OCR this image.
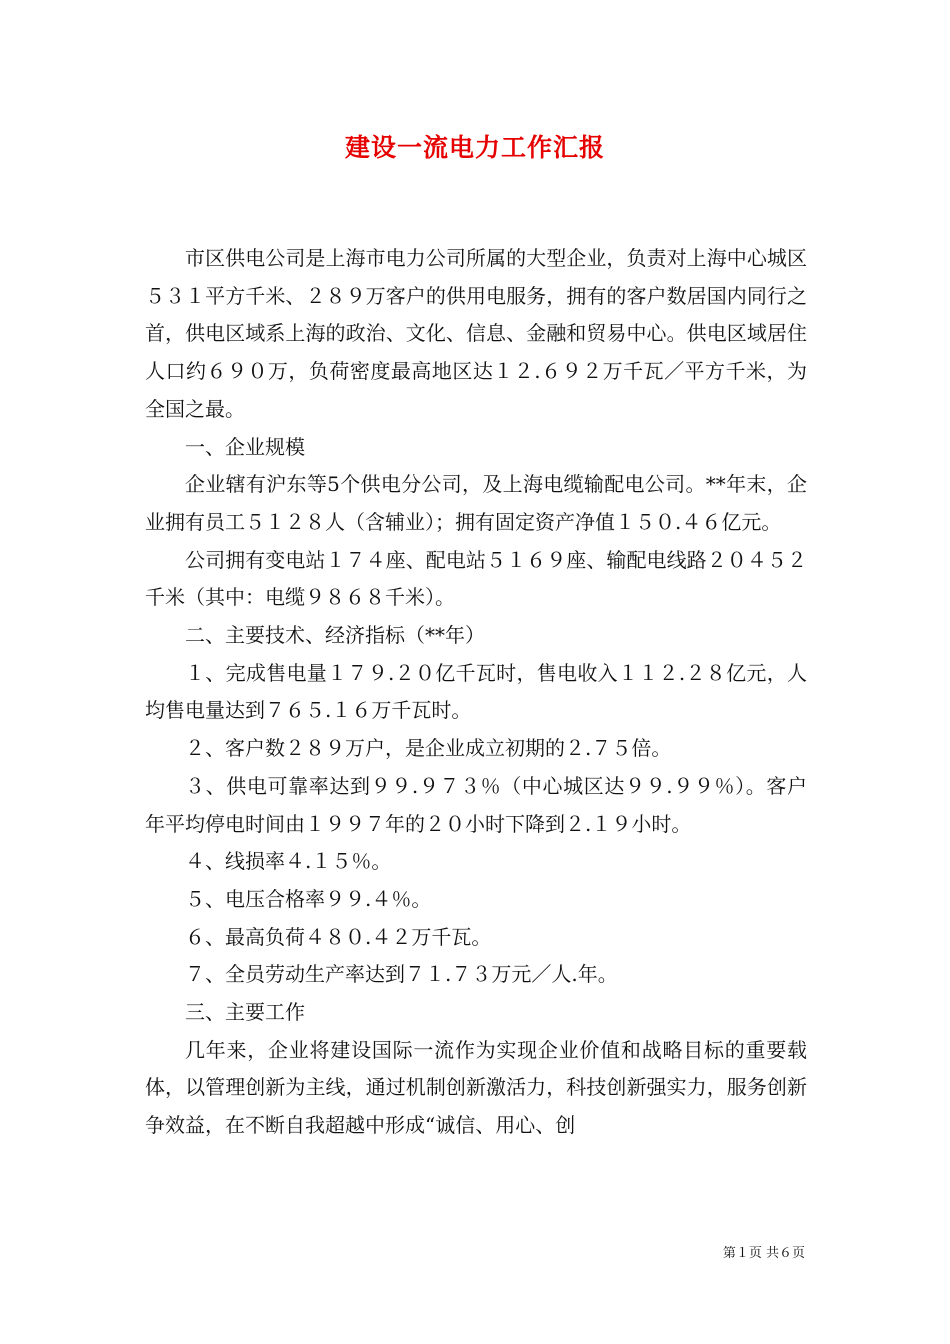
建设一流电力工作汇报

市区供电公司是上海市电力公司所属的大型企业，负责对上海中心城区５３１平方千米、２８９万客户的供用电服务，拥有的客户数居国内同行之首，供电区域系上海的政治、文化、信息、金融和贸易中心。供电区域居住人口约６９０万，负荷密度最高地区达１２.６９２万千瓦／平方千米，为全国之最。

一、企业规模

企业辖有沪东等5个供电分公司，及上海电缆输配电公司。**年末，企业拥有员工５１２８人（含辅业）；拥有固定资产净值１５０.４６亿元。

公司拥有变电站１７４座、配电站５１６９座、输配电线路２０４５２千米（其中：电缆９８６８千米）。

二、主要技术、经济指标（**年）

１、完成售电量１７９.２０亿千瓦时，售电收入１１２.２８亿元，人均售电量达到７６５.１６万千瓦时。

２、客户数２８９万户，是企业成立初期的２.７５倍。

３、供电可靠率达到９９.９７３％（中心城区达９９.９９％）。客户年平均停电时间由１９９７年的２０小时下降到２.１９小时。

４、线损率４.１５％。

５、电压合格率９９.４％。

６、最高负荷４８０.４２万千瓦。

７、全员劳动生产率达到７１.７３万元／人.年。

三、主要工作

几年来，企业将建设国际一流作为实现企业价值和战略目标的重要载体，以管理创新为主线，通过机制创新激活力，科技创新强实力，服务创新争效益，在不断自我超越中形成“诚信、用心、创

第１页 共６页
